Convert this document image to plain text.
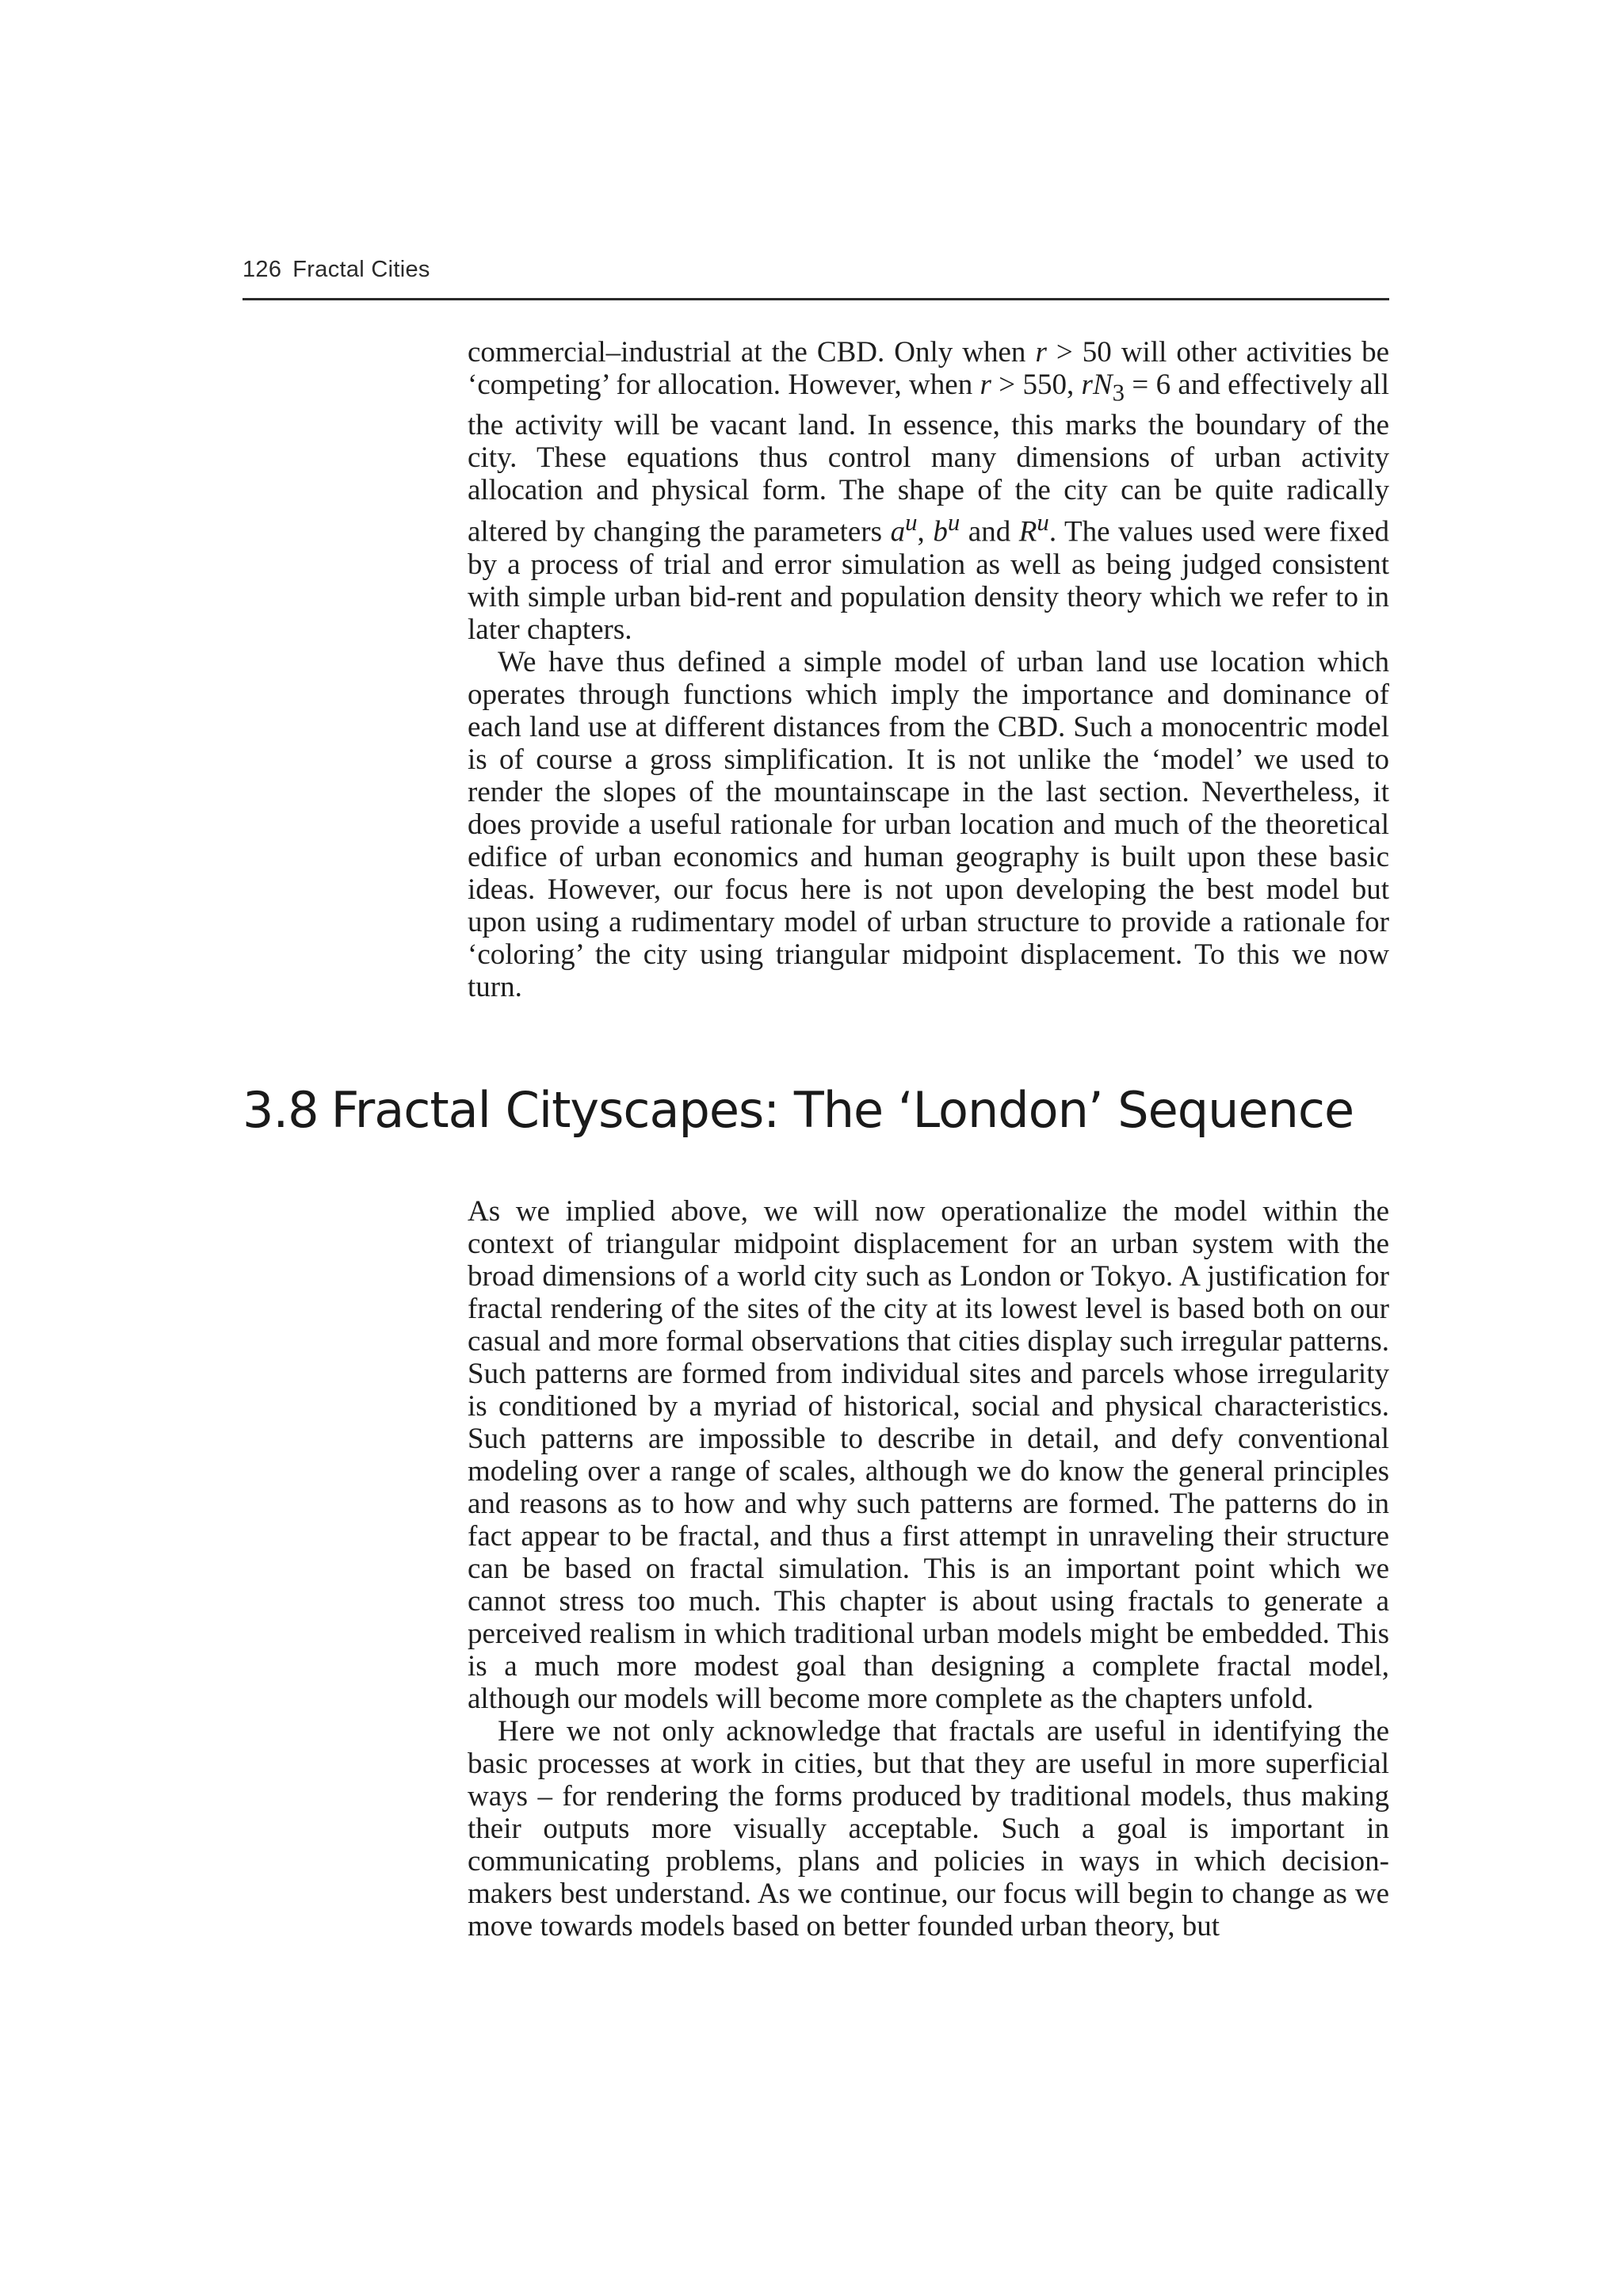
126 Fractal Cities

commercial–industrial at the CBD. Only when r > 50 will other activities be ‘competing’ for allocation. However, when r > 550, $rN_3 = 6$ and effectively all the activity will be vacant land. In essence, this marks the boundary of the city. These equations thus control many dimensions of urban activity allocation and physical form. The shape of the city can be quite radically altered by changing the parameters $a^u$, $b^u$ and $R^u$. The values used were fixed by a process of trial and error simulation as well as being judged consistent with simple urban bid-rent and population density theory which we refer to in later chapters.

We have thus defined a simple model of urban land use location which operates through functions which imply the importance and dominance of each land use at different distances from the CBD. Such a monocentric model is of course a gross simplification. It is not unlike the ‘model’ we used to render the slopes of the mountainscape in the last section. Nevertheless, it does provide a useful rationale for urban location and much of the theoretical edifice of urban economics and human geography is built upon these basic ideas. However, our focus here is not upon developing the best model but upon using a rudimentary model of urban structure to provide a rationale for ‘coloring’ the city using triangular midpoint displacement. To this we now turn.

3.8 Fractal Cityscapes: The ‘London’ Sequence

As we implied above, we will now operationalize the model within the context of triangular midpoint displacement for an urban system with the broad dimensions of a world city such as London or Tokyo. A justification for fractal rendering of the sites of the city at its lowest level is based both on our casual and more formal observations that cities display such irregular patterns. Such patterns are formed from individual sites and parcels whose irregularity is conditioned by a myriad of historical, social and physical characteristics. Such patterns are impossible to describe in detail, and defy conventional modeling over a range of scales, although we do know the general principles and reasons as to how and why such patterns are formed. The patterns do in fact appear to be fractal, and thus a first attempt in unraveling their structure can be based on fractal simulation. This is an important point which we cannot stress too much. This chapter is about using fractals to generate a perceived realism in which traditional urban models might be embedded. This is a much more modest goal than designing a complete fractal model, although our models will become more complete as the chapters unfold.

Here we not only acknowledge that fractals are useful in identifying the basic processes at work in cities, but that they are useful in more superficial ways – for rendering the forms produced by traditional models, thus making their outputs more visually acceptable. Such a goal is important in communicating problems, plans and policies in ways in which decision-makers best understand. As we continue, our focus will begin to change as we move towards models based on better founded urban theory, but
